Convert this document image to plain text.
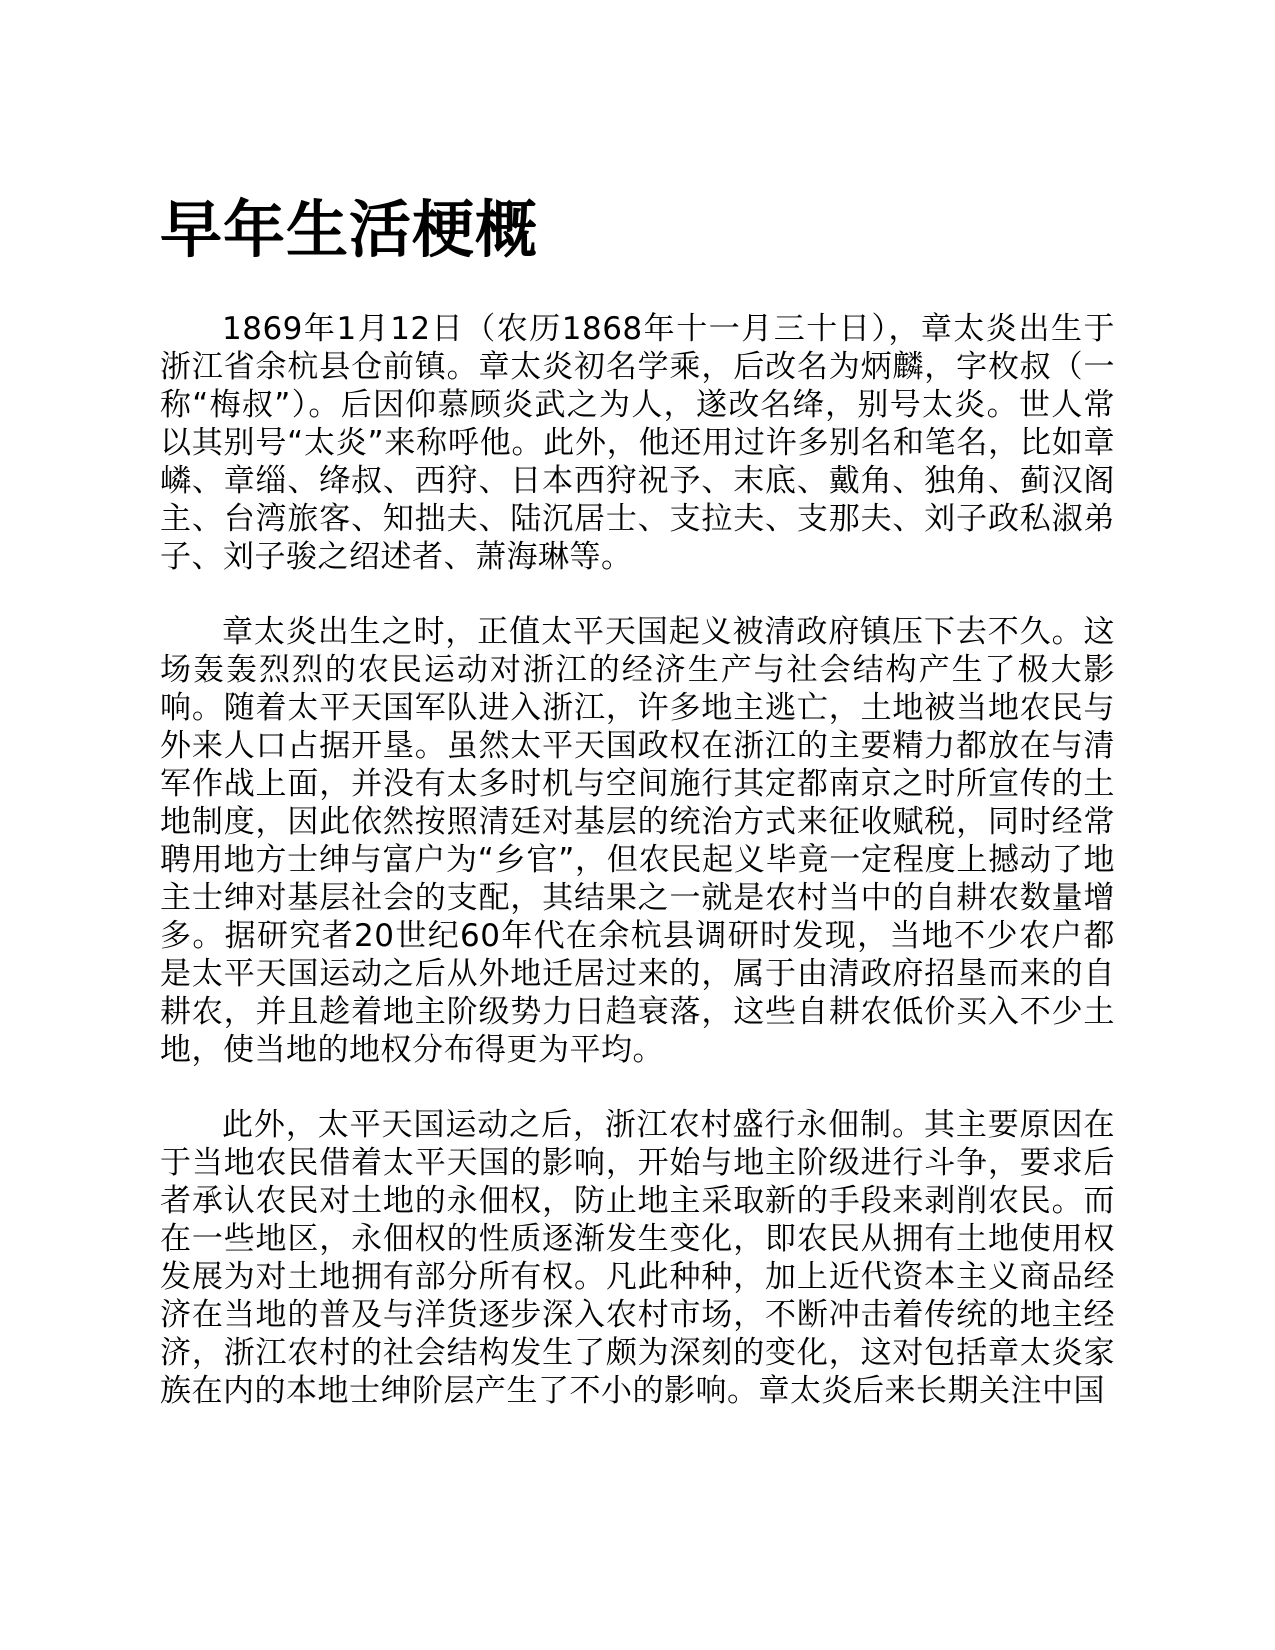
早年生活梗概

1869年1月12日（农历1868年十一月三十日），章太炎出生于浙江省余杭县仓前镇。章太炎初名学乘，后改名为炳麟，字枚叔（一称“梅叔”）。后因仰慕顾炎武之为人，遂改名绛，别号太炎。世人常以其别号“太炎”来称呼他。此外，他还用过许多别名和笔名，比如章嶙、章缁、绛叔、西狩、日本西狩祝予、末底、戴角、独角、蓟汉阁主、台湾旅客、知拙夫、陆沉居士、支拉夫、支那夫、刘子政私淑弟子、刘子骏之绍述者、萧海琳等。

章太炎出生之时，正值太平天国起义被清政府镇压下去不久。这场轰轰烈烈的农民运动对浙江的经济生产与社会结构产生了极大影响。随着太平天国军队进入浙江，许多地主逃亡，土地被当地农民与外来人口占据开垦。虽然太平天国政权在浙江的主要精力都放在与清军作战上面，并没有太多时机与空间施行其定都南京之时所宣传的土地制度，因此依然按照清廷对基层的统治方式来征收赋税，同时经常聘用地方士绅与富户为“乡官”，但农民起义毕竟一定程度上撼动了地主士绅对基层社会的支配，其结果之一就是农村当中的自耕农数量增多。据研究者20世纪60年代在余杭县调研时发现，当地不少农户都是太平天国运动之后从外地迁居过来的，属于由清政府招垦而来的自耕农，并且趁着地主阶级势力日趋衰落，这些自耕农低价买入不少土地，使当地的地权分布得更为平均。

此外，太平天国运动之后，浙江农村盛行永佃制。其主要原因在于当地农民借着太平天国的影响，开始与地主阶级进行斗争，要求后者承认农民对土地的永佃权，防止地主采取新的手段来剥削农民。而在一些地区，永佃权的性质逐渐发生变化，即农民从拥有土地使用权发展为对土地拥有部分所有权。凡此种种，加上近代资本主义商品经济在当地的普及与洋货逐步深入农村市场，不断冲击着传统的地主经济，浙江农村的社会结构发生了颇为深刻的变化，这对包括章太炎家族在内的本地士绅阶层产生了不小的影响。章太炎后来长期关注中国
